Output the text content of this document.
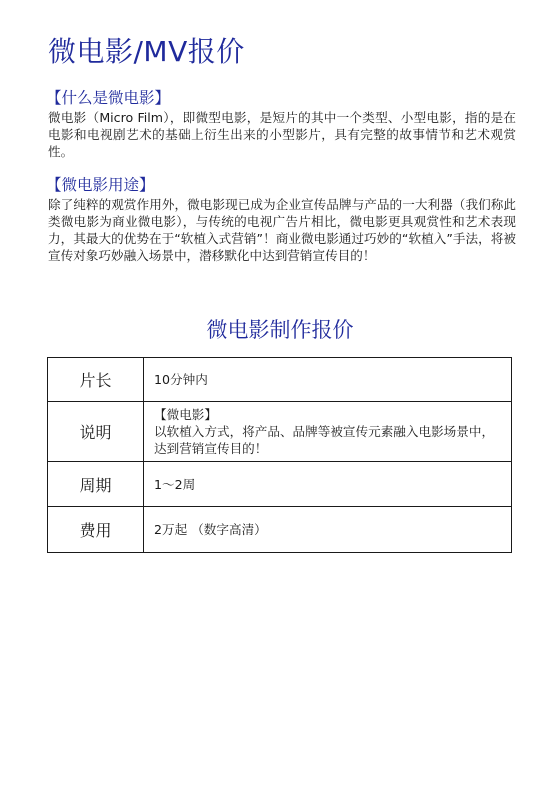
微电影/MV报价
【什么是微电影】

微电影（Micro Film），即微型电影，是短片的其中一个类型、小型电影，指的是在电影和电视剧艺术的基础上衍生出来的小型影片，具有完整的故事情节和艺术观赏性。

【微电影用途】

除了纯粹的观赏作用外，微电影现已成为企业宣传品牌与产品的一大利器（我们称此类微电影为商业微电影），与传统的电视广告片相比，微电影更具观赏性和艺术表现力，其最大的优势在于“软植入式营销”！商业微电影通过巧妙的“软植入”手法，将被宣传对象巧妙融入场景中，潜移默化中达到营销宣传目的！

微电影制作报价
片长	10分钟内

说明	【微电影】
以软植入方式，将产品、品牌等被宣传元素融入电影场景中，达到营销宣传目的！

周期	1～2周

费用	2万起 （数字高清）
